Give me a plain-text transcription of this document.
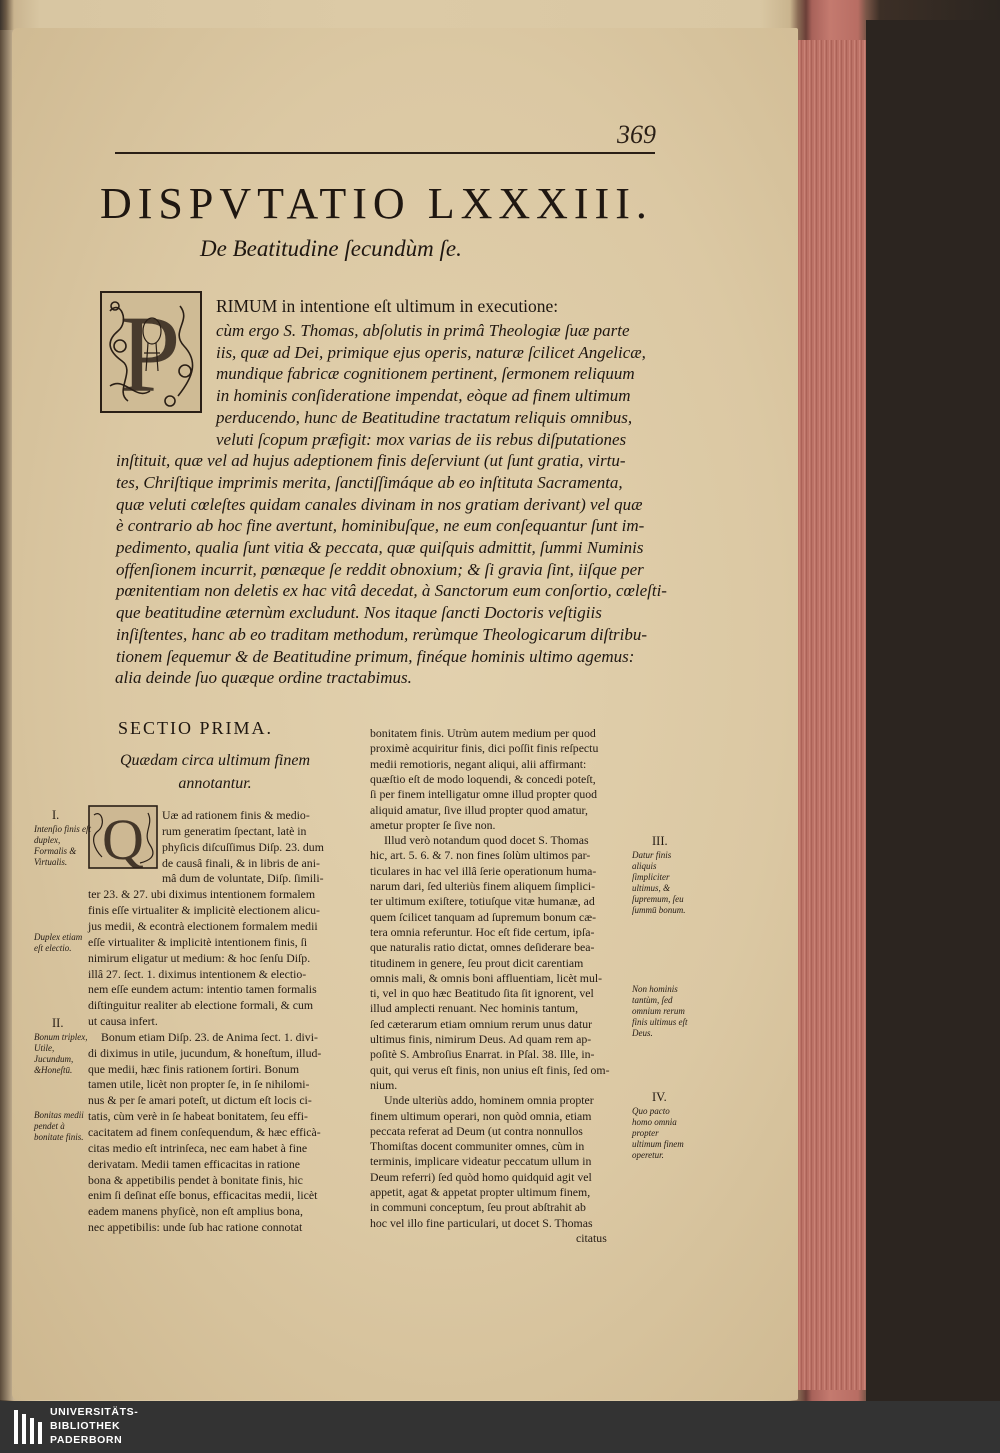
369

DISPVTATIO LXXXIII.

De Beatitudine ſecundùm ſe.

P RIMUM in intentione eſt ultimum in executione:

cùm ergo S. Thomas, abſolutis in primâ Theologiæ ſuæ parte

iis, quæ ad Dei, primique ejus operis, naturæ ſcilicet Angelicæ,

mundique fabricæ cognitionem pertinent, ſermonem reliquum

in hominis conſideratione impendat, eòque ad finem ultimum

perducendo, hunc de Beatitudine tractatum reliquis omnibus,

veluti ſcopum præfigit: mox varias de iis rebus diſputationes

inſtituit, quæ vel ad hujus adeptionem finis deſerviunt (ut ſunt gratia, virtu-

tes, Chriſtique imprimis merita, ſanctiſſimáque ab eo inſtituta Sacramenta,

quæ veluti cœleſtes quidam canales divinam in nos gratiam derivant) vel quæ

è contrario ab hoc fine avertunt, hominibuſque, ne eum conſequantur ſunt im-

pedimento, qualia ſunt vitia & peccata, quæ quiſquis admittit, ſummi Numinis

offenſionem incurrit, pœnæque ſe reddit obnoxium; & ſi gravia ſint, iiſque per

pœnitentiam non deletis ex hac vitâ decedat, à Sanctorum eum conſortio, cœleſti-

que beatitudine æternùm excludunt. Nos itaque ſancti Doctoris veſtigiis

inſiſtentes, hanc ab eo traditam methodum, rerùmque Theologicarum diſtribu-

tionem ſequemur & de Beatitudine primum, finéque hominis ultimo agemus:

alia deinde ſuo quæque ordine tractabimus.

SECTIO PRIMA.

Quædam circa ultimum finem annotantur.

Q Uæ ad rationem finis & medio-

rum generatim ſpectant, latè in

phyſicis diſcuſſimus Diſp. 23. dum

de causâ finali, & in libris de ani-

mâ dum de voluntate, Diſp. ſimili-

ter 23. & 27. ubi diximus intentionem formalem

finis eſſe virtualiter & implicitè electionem alicu-

jus medii, & econtrà electionem formalem medii

eſſe virtualiter & implicitè intentionem finis, ſi

nimirum eligatur ut medium: & hoc ſenſu Diſp.

illâ 27. ſect. 1. diximus intentionem & electio-

nem eſſe eundem actum: intentio tamen formalis

diſtinguitur realiter ab electione formali, & cum

ut causa infert.

Bonum etiam Diſp. 23. de Anima ſect. 1. divi-

di diximus in utile, jucundum, & honeſtum, illud-

que medii, hæc finis rationem ſortiri. Bonum

tamen utile, licèt non propter ſe, in ſe nihilomi-

nus & per ſe amari poteſt, ut dictum eſt locis ci-

tatis, cùm verè in ſe habeat bonitatem, ſeu effi-

cacitatem ad finem conſequendum, & hæc efficà-

citas medio eſt intrinſeca, nec eam habet à fine

derivatam. Medii tamen efficacitas in ratione

bona & appetibilis pendet à bonitate finis, hic

enim ſi deſinat eſſe bonus, efficacitas medii, licèt

eadem manens phyſicè, non eſt amplius bona,

nec appetibilis: unde ſub hac ratione connotat

bonitatem finis. Utrùm autem medium per quod

proximè acquiritur finis, dici poſſit finis reſpectu

medii remotioris, negant aliqui, alii affirmant:

quæſtio eſt de modo loquendi, & concedi poteſt,

ſi per finem intelligatur omne illud propter quod

aliquid amatur, ſive illud propter quod amatur,

ametur propter ſe ſive non.

Illud verò notandum quod docet S. Thomas

hic, art. 5. 6. & 7. non fines ſolùm ultimos par-

ticulares in hac vel illâ ſerie operationum huma-

narum dari, ſed ulteriùs finem aliquem ſimplici-

ter ultimum exiſtere, totiuſque vitæ humanæ, ad

quem ſcilicet tanquam ad ſupremum bonum cæ-

tera omnia referuntur. Hoc eſt fide certum, ipſa-

que naturalis ratio dictat, omnes deſiderare bea-

titudinem in genere, ſeu prout dicit carentiam

omnis mali, & omnis boni affluentiam, licèt mul-

ti, vel in quo hæc Beatitudo ſita ſit ignorent, vel

illud amplecti renuant. Nec hominis tantum,

ſed cæterarum etiam omnium rerum unus datur

ultimus finis, nimirum Deus. Ad quam rem ap-

poſitè S. Ambroſius Enarrat. in Pſal. 38. Ille, in-

quit, qui verus eſt finis, non unius eſt finis, ſed om-

nium.

Unde ulteriùs addo, hominem omnia propter

finem ultimum operari, non quòd omnia, etiam

peccata referat ad Deum (ut contra nonnullos

Thomiſtas docent communiter omnes, cùm in

terminis, implicare videatur peccatum ullum in

Deum referri) ſed quòd homo quidquid agit vel

appetit, agat & appetat propter ultimum finem,

in communi conceptum, ſeu prout abſtrahit ab

hoc vel illo fine particulari, ut docet S. Thomas

citatus

I.

Intenſio finis eſt duplex, Formalis & Virtualis.

Duplex etiam eſt electio.

II.

Bonum triplex, Utile, Jucundum, &Honeſtū.

Bonitas medii pendet à bonitate finis.

III.

Datur finis aliquis ſimpliciter ultimus, & ſupremum, ſeu ſummū bonum.

Non hominis tantùm, ſed omnium rerum finis ultimus eſt Deus.

IV.

Quo pacto homo omnia propter ultimum finem operetur.

UNIVERSITÄTS-
BIBLIOTHEK
PADERBORN
